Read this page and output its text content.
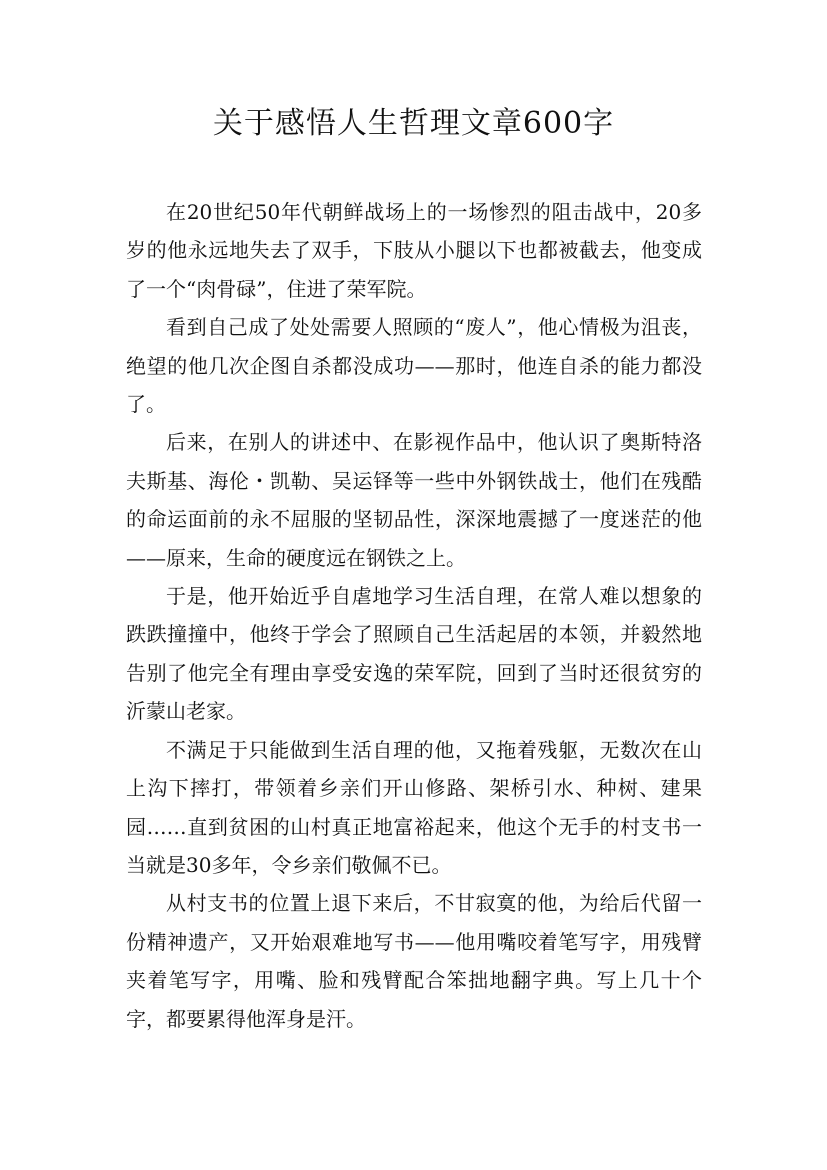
关于感悟人生哲理文章600字

在20世纪50年代朝鲜战场上的一场惨烈的阻击战中，20多岁的他永远地失去了双手，下肢从小腿以下也都被截去，他变成了一个“肉骨碌”，住进了荣军院。

看到自己成了处处需要人照顾的“废人”，他心情极为沮丧，绝望的他几次企图自杀都没成功——那时，他连自杀的能力都没了。

后来，在别人的讲述中、在影视作品中，他认识了奥斯特洛夫斯基、海伦・凯勒、吴运铎等一些中外钢铁战士，他们在残酷的命运面前的永不屈服的坚韧品性，深深地震撼了一度迷茫的他——原来，生命的硬度远在钢铁之上。

于是，他开始近乎自虐地学习生活自理，在常人难以想象的跌跌撞撞中，他终于学会了照顾自己生活起居的本领，并毅然地告别了他完全有理由享受安逸的荣军院，回到了当时还很贫穷的沂蒙山老家。

不满足于只能做到生活自理的他，又拖着残躯，无数次在山上沟下摔打，带领着乡亲们开山修路、架桥引水、种树、建果园……直到贫困的山村真正地富裕起来，他这个无手的村支书一当就是30多年，令乡亲们敬佩不已。

从村支书的位置上退下来后，不甘寂寞的他，为给后代留一份精神遗产，又开始艰难地写书——他用嘴咬着笔写字，用残臂夹着笔写字，用嘴、脸和残臂配合笨拙地翻字典。写上几十个字，都要累得他浑身是汗。
